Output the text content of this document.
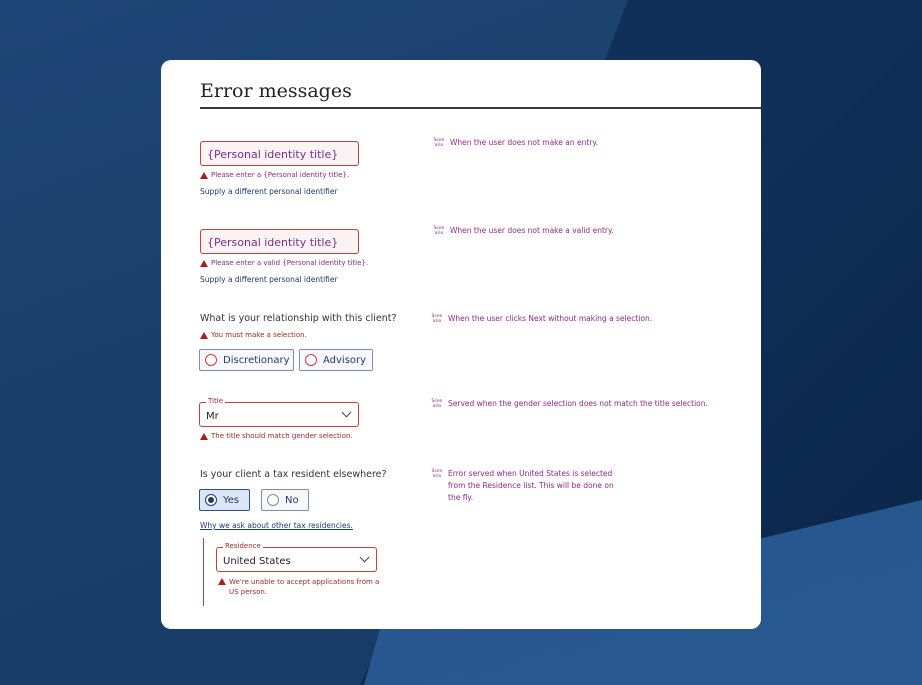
Error messages
{Personal identity title}
Please enter a {Personal identity title}.
Supply a different personal identifier
Scen ario When the user does not make an entry.
{Personal identity title}
Please enter a valid {Personal identity title}.
Supply a different personal identifier
Scen ario When the user does not make a valid entry.
What is your relationship with this client?
You must make a selection.
Discretionary	Advisory
Scen ario When the user clicks Next without making a selection.
Title
Mr
The title should match gender selection.
Scen ario Served when the gender selection does not match the title selection.
Is your client a tax resident elsewhere?
Yes	No
Why we ask about other tax residencies.
Residence
United States
We're unable to accept applications from a
US person.
Scen ario Error served when United States is selected
from the Residence list. This will be done on
the fly.
